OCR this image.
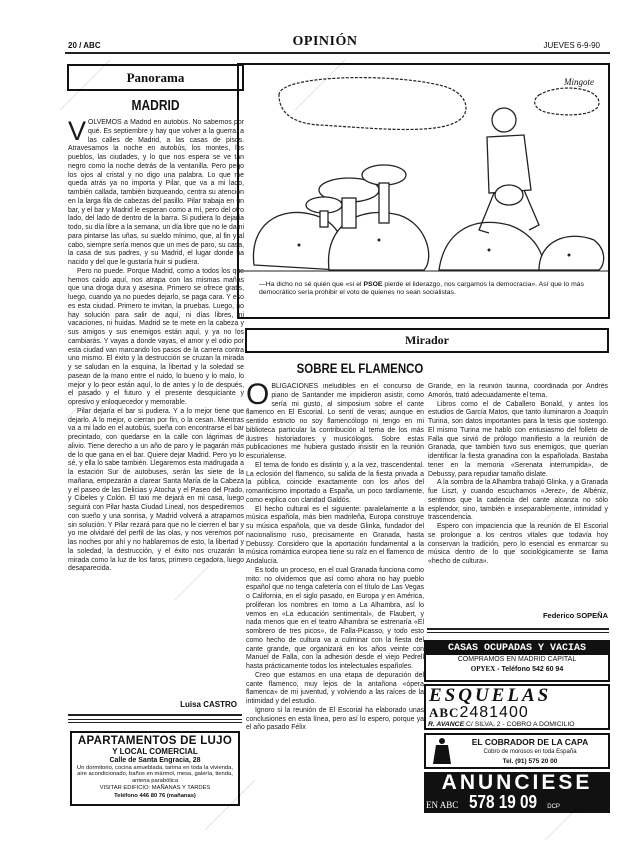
20 / ABC	OPINIÓN	JUEVES 6-9-90
Panorama
MADRID

VOLVEMOS a Madrid en autobús. No sabemos por qué. Es septiembre y hay que volver a la guerra, a las calles de Madrid, a las casas de pisos. Atravesamos la noche en autobús, los montes, los pueblos, las ciudades, y lo que nos espera se ve tan negro como la noche detrás de la ventanilla. Pero pego los ojos al cristal y no digo una palabra. Lo que me queda atrás ya no importa y Pilar, que va a mi lado, también callada, también bizqueando, centra su atención en la larga fila de cabezas del pasillo. Pilar trabaja en un bar, y el bar y Madrid le esperan como a mí, pero del otro lado, del lado de dentro de la barra. Si pudiera lo dejaría todo, su día libre a la semana, un día libre que no le da ni para pintarse las uñas, su sueldo mínimo, que, al fin y al cabo, siempre sería menos que un mes de paro, su casa, la casa de sus padres, y su Madrid, el lugar donde ha nacido y del que le gustaría huir si pudiera.

Pero no puede. Porque Madrid, como a todos los que hemos caído aquí, nos atrapa con las mismas mañas que una droga dura y asesina. Primero se ofrece gratis, luego, cuando ya no puedes dejarlo, se paga cara. Y eso es esta ciudad. Primero te invitan, la pruebas. Luego, no hay solución para salir de aquí, ni días libres, ni vacaciones, ni huidas. Madrid se te mete en la cabeza y sus amigos y sus enemigos están aquí, y ya no los cambiarás. Y vayas a donde vayas, el amor y el odio por esta ciudad van marcando los pasos de la carrera contra uno mismo. El éxito y la destrucción se cruzan la mirada y se saludan en la esquina, la libertad y la soledad se pasean de la mano entre el ruido, lo bueno y lo malo, lo mejor y lo peor están aquí, lo de antes y lo de después, el pasado y el futuro y el presente desquiciante y opresivo y enloquecedor y memorable.

Pilar dejaría el bar si pudiera. Y a lo mejor tiene que dejarlo. A lo mejor, o cierran por fin, o la cesan. Mientras va a mi lado en el autobús, sueña con encontrarse el bar precintado, con quedarse en la calle con lágrimas de alivio. Tiene derecho a un año de paro y le pagarán más de lo que gana en el bar. Quiere dejar Madrid. Pero yo lo sé, y ella lo sabe también. Llegaremos esta madrugada a la estación Sur de autobuses, serán las siete de la mañana, empezarán a clarear Santa María de la Cabeza y el paseo de las Delicias y Atocha y el Paseo del Prado, y Cibeles y Colón. El taxi me dejará en mi casa, luego seguirá con Pilar hasta Ciudad Lineal, nos despediremos con sueño y una sonrisa, y Madrid volverá a atraparnos sin solución. Y Pilar rezará para que no le cierren el bar y yo me olvidaré del perfil de las olas, y nos veremos por las noches por ahí y no hablaremos de esto, la libertad y la soledad, la destrucción, y el éxito nos cruzarán la mirada como la luz de los faros, primero cegadora, luego desaparecida.

Luisa CASTRO
APARTAMENTOS DE LUJO
Y LOCAL COMERCIAL
Calle de Santa Engracia, 28
Un dormitorio, cocina amueblada, tarima en toda la vivienda, aire acondicionado, baños en mármol, mesa, galería, tienda, antena parabólica
VISITAR EDIFICIO: MAÑANAS Y TARDES
Teléfono 446 80 76 (mañanas)
Mingote
—Ha dicho no sé quién que «si el PSOE pierde el liderazgo, nos cargamos la democracia». Así que lo más democrático sería prohibir el voto de quienes no sean socialistas.
Mirador
SOBRE EL FLAMENCO

OBLIGACIONES ineludibles en el concurso de piano de Santander me impidieron asistir, como sería mi gusto, al simposium sobre el cante flamenco en El Escorial. Lo sentí de veras; aunque en sentido estricto no soy flamencólogo ni tengo en mi biblioteca particular la contribución al tema de los más ilustres historiadores y musicólogos. Sobre estas publicaciones me hubiera gustado insistir en la reunión escurialense.

El tema de fondo es distinto y, a la vez, trascendental. La eclosión del flamenco, su salida de la fiesta privada a la pública, coincide exactamente con los años del romanticismo importado a España, un poco tardíamente, como explica con claridad Galdós.

El hecho cultural es el siguiente: paralelamente a la música española, más bien madrileña, Europa construye su música española, que va desde Glinka, fundador del nacionalismo ruso, precisamente en Granada, hasta Debussy. Considero que la aportación fundamental a la música romántica europea tiene su raíz en el flamenco de Andalucía.

Es todo un proceso, en el cual Granada funciona como mito: no olvidemos que así como ahora no hay pueblo español que no tenga cafetería con el título de Las Vegas o California, en el siglo pasado, en Europa y en América, proliferan los nombres en torno a La Alhambra, así lo vemos en «La educación sentimental», de Flaubert, y nada menos que en el teatro Alhambra se estrenaría «El sombrero de tres picos», de Falla-Picasso, y todo esto como hecho de cultura va a culminar con la fiesta del cante grande, que organizará en los años veinte con Manuel de Falla, con la adhesión desde el viejo Pedrell hasta prácticamente todos los intelectuales españoles.

Creo que estamos en una etapa de depuración del cante flamenco, muy lejos de la antañona «ópera flamenca» de mi juventud, y volviendo a las raíces de la intimidad y del estudio.

Ignoro si la reunión de El Escorial ha elaborado unas conclusiones en esta línea, pero así lo espero, porque ya el año pasado Félix

Grande, en la reunión taurina, coordinada por Andrés Amorós, trató adecuadamente el tema.

Libros como el de Caballero Bonald, y antes los estudios de García Matos, que tanto iluminaron a Joaquín Turina, son datos importantes para la tesis que sostengo. El mismo Turina me habló con entusiasmo del folleto de Falla que sirvió de prólogo manifiesto a la reunión de Granada, que también tuvo sus enemigos, que querían identificar la fiesta granadina con la españolada. Bastaba tener en la memoria «Serenata interrumpida», de Debussy, para repudiar tamaño dislate.

A la sombra de la Alhambra trabajó Glinka, y a Granada fue Liszt, y cuando escuchamos «Jerez», de Albéniz, sentimos que la cadencia del cante alcanza no sólo esplendor, sino, también e inseparablemente, intimidad y trascendencia.

Espero con impaciencia que la reunión de El Escorial se prolongue a los centros vitales que todavía hoy conservan la tradición, pero lo esencial es enmarcar su música dentro de lo que sociológicamente se llama «hecho de cultura».

Federico SOPEÑA
CASAS OCUPADAS Y VACIAS
COMPRAMOS EN MADRID CAPITAL
OPYEX - Teléfono 542 60 94
ESQUELAS
ABC2481400
R. AVANCE C/ SILVA, 2 - COBRO A DOMICILIO
EL COBRADOR DE LA CAPA
Cobro de morosos en toda España
Tel. (91) 575 20 00
ANUNCIESE
EN ABC 578 19 09 DCP
